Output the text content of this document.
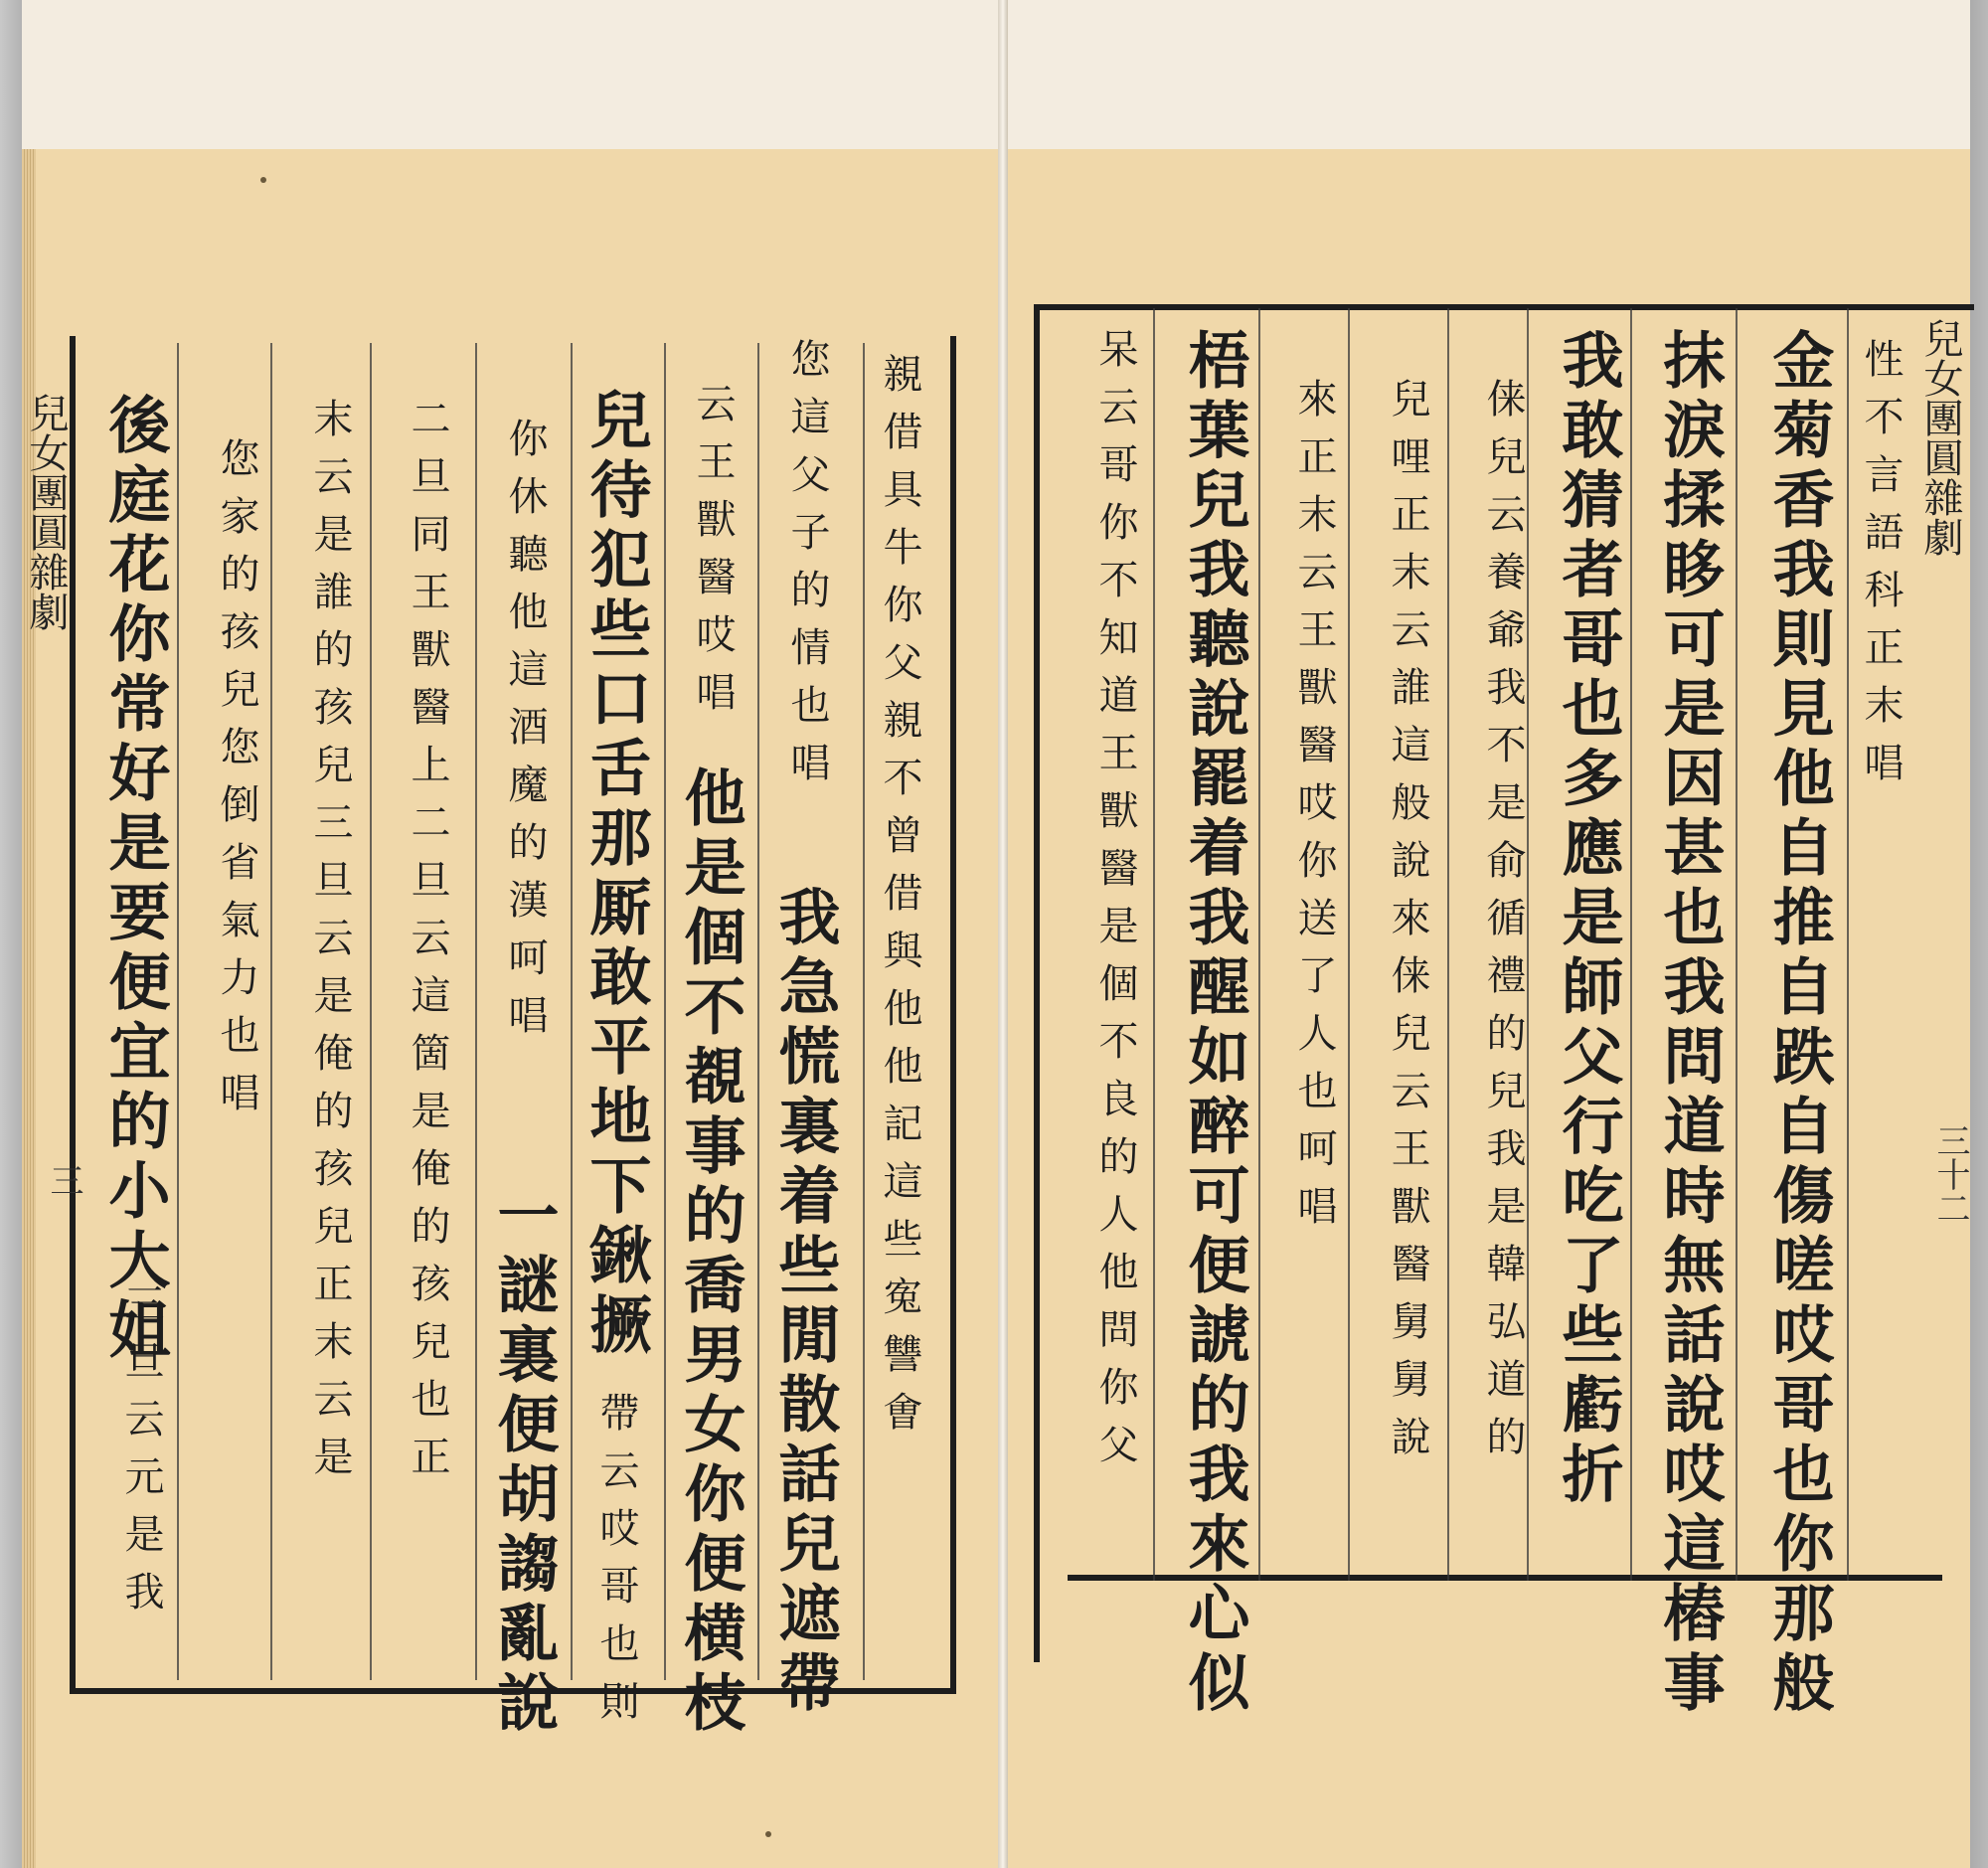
兒女團圓雜劇
三	親借具牛你父親不曾借與他他記這些寃讐㑹
您這父子的情也唱
我急慌裏着些閒散話兒遮帶
云王獸醫哎唱
他是個不覩事的喬男女你便横枝
兒待犯些口舌那厮敢平地下鍬撅
帶云哎哥也則
你休聽他這酒魔的漢呵唱
一謎裏便胡謅亂說
二旦同王獸醫上二旦云這箇是俺的孩兒也正
末云是誰的孩兒三旦云是俺的孩兒正末云是
您家的孩兒您倒省氣力也唱
後庭花你常好是要便宜的小大姐
三旦云元是我
兒女團圓雜劇
性不言語科正末唱
三十二
金菊香我則見他自推自跌自傷嗟哎哥也你那般
抹淚揉眵可是因甚也我問道時無話說哎這樁事
我敢猜者哥也多應是師父行吃了些虧折
俫兒云養爺我不是俞循禮的兒我是韓弘道的
兒哩正末云誰這般說來俫兒云王獸醫舅舅說
來正末云王獸醫哎你送了人也呵唱
梧葉兒我聽說罷着我醒如醉可便諕的我來心似
呆云哥你不知道王獸醫是個不良的人他問你父
